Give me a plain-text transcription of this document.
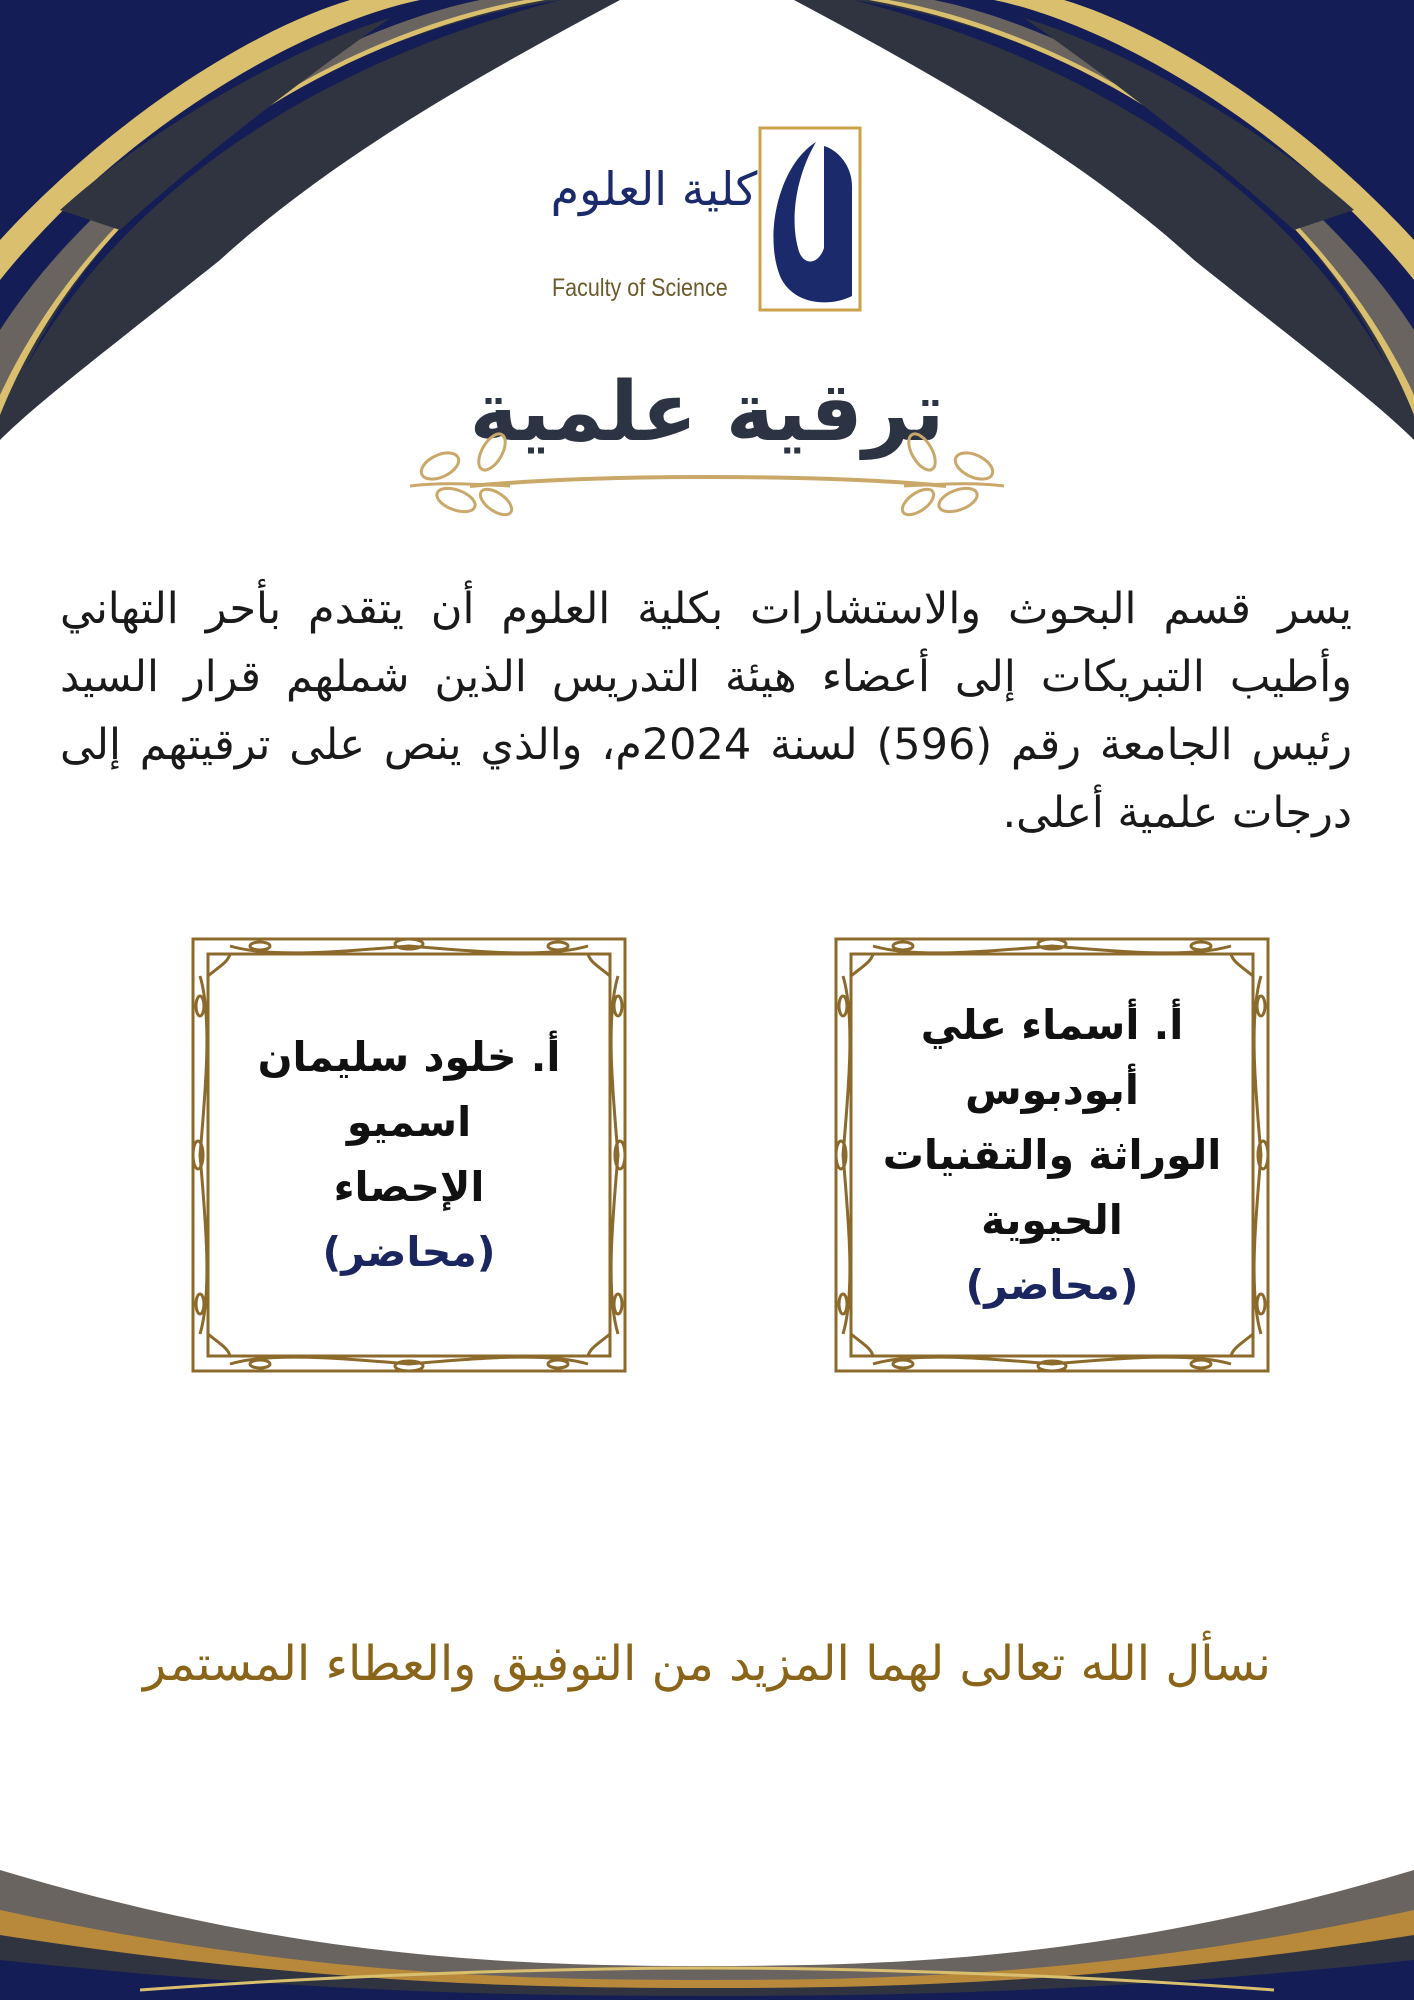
كلية العلوم
Faculty of Science
ترقية علمية
يسر قسم البحوث والاستشارات بكلية العلوم أن يتقدم بأحر التهاني وأطيب التبريكات إلى أعضاء هيئة التدريس الذين شملهم قرار السيد رئيس الجامعة رقم (596) لسنة 2024م، والذي ينص على ترقيتهم إلى درجات علمية أعلى.
أ. أسماء علي
أبودبوس
الوراثة والتقنيات
الحيوية
(محاضر)
أ. خلود سليمان
اسميو
الإحصاء
(محاضر)
نسأل الله تعالى لهما المزيد من التوفيق والعطاء المستمر
